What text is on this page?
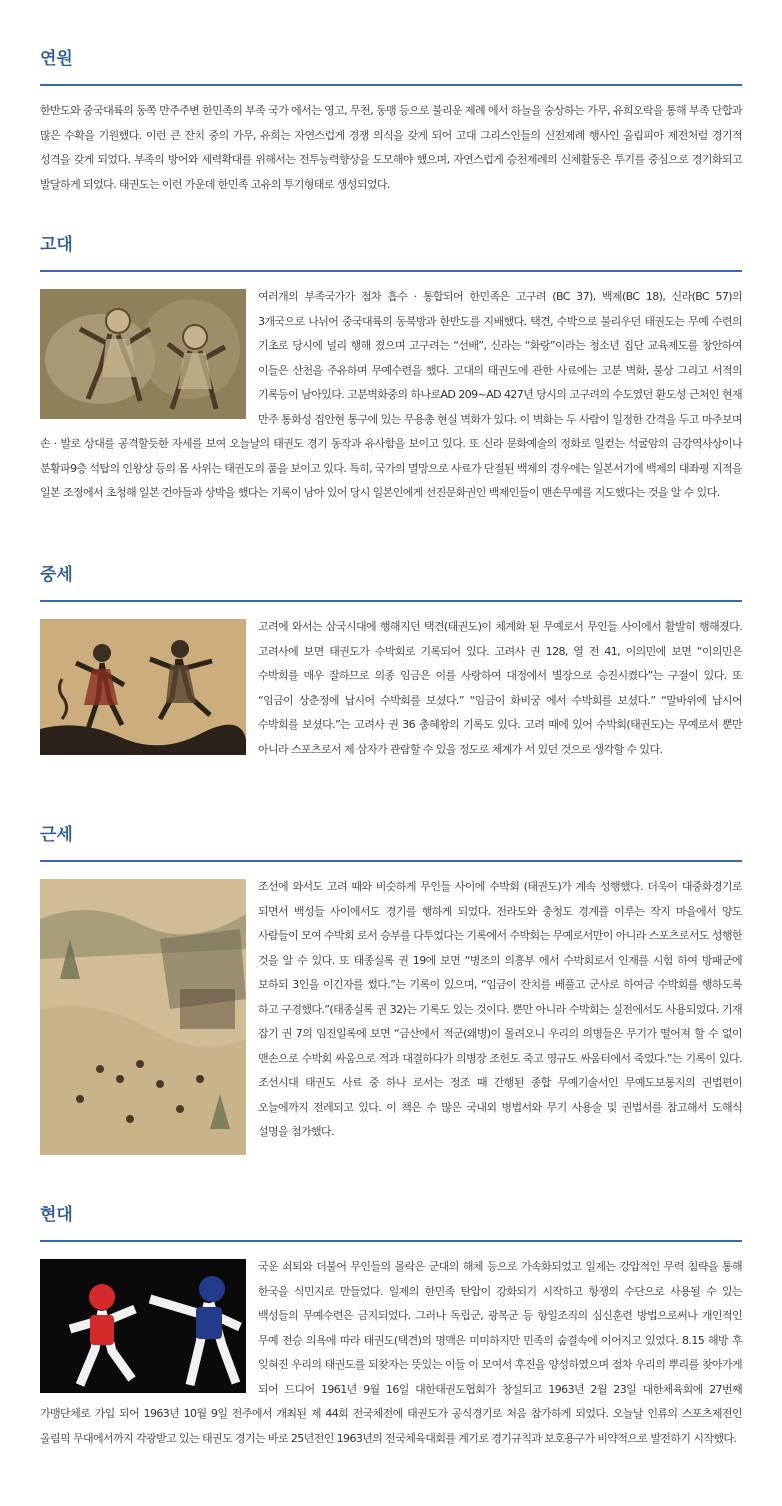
연원

한반도와 중국대륙의 동쪽 만주주변 한민족의 부족 국가 에서는 영고, 무천, 동맹 등으로 불리운 제례 에서 하늘을 숭상하는 가무, 유희오락을 통해 부족 단합과 많은 수확을 기원했다. 이런 큰 잔치 중의 가무, 유희는 자연스럽게 경쟁 의식을 갖게 되어 고대 그리스인들의 신전제례 행사인 올림피아 제전처럼 경기적 성격을 갖게 되었다. 부족의 방어와 세력확대를 위해서는 전투능력향상을 도모해야 했으며, 자연스럽게 승천제례의 신체활동은 투기를 중심으로 경기화되고 발달하게 되었다. 태권도는 이런 가운데 한민족 고유의 투기형태로 생성되었다.

고대
여러개의 부족국가가 점차 흡수 · 통합되어 한민족은 고구려 (BC 37), 백제(BC 18), 신라(BC 57)의 3개국으로 나뉘어 중국대륙의 동북방과 한반도를 지배했다. 택견, 수박으로 불리우던 태권도는 무예 수련의 기초로 당시에 널리 행해 졌으며 고구려는 “선배”, 신라는 “화랑”이라는 청소년 집단 교육제도를 창안하여 이들은 산천을 주유하며 무예수련을 했다. 고대의 태권도에 관한 사료에는 고분 벽화, 불상 그리고 서적의 기록등이 남아있다. 고분벽화중의 하나로AD 209~AD 427년 당시의 고구려의 수도였던 환도성 근처인 현재 만주 통화성 집안현 통구에 있는 무용총 현실 벽화가 있다. 이 벽화는 두 사람이 일정한 간격을 두고 마주보며 손 · 발로 상대를 공격할듯한 자세를 보여 오늘날의 태권도 경기 동작과 유사함을 보이고 있다. 또 신라 문화예술의 정화로 일컫는 석굴암의 금강역사상이나 분황파9층 석탑의 인왕상 등의 몸 사위는 태권도의 품을 보이고 있다. 특히, 국가의 멸망으로 사료가 단절된 백제의 경우에는 일본서기에 백제의 대좌평 지적을 일본 조정에서 초청해 일본 건아들과 상박을 했다는 기록이 남아 있어 당시 일본인에게 선진문화권인 백제인들이 맨손무예를 지도했다는 것을 알 수 있다.
중세
고려에 와서는 삼국시대에 행해지던 택견(태권도)이 체계화 된 무예로서 무인들 사이에서 활발히 행해졌다. 고려사에 보면 태권도가 수박회로 기록되어 있다. 고려사 권 128, 열 전 41, 이의민에 보면 “이의민은 수박희를 매우 잘하므로 의종 임금은 이를 사랑하여 대정에서 별장으로 승진시켰다”는 구절이 있다. 또 “임금이 상춘정에 납시어 수박회를 보셨다.” “임금이 화비궁 에서 수박회를 보셨다.” “말바위에 납시어 수박회를 보셨다.”는 고려사 권 36 충혜왕의 기록도 있다. 고려 때에 있어 수박회(태권도)는 무예로서 뿐만 아니라 스포츠로서 제 삼자가 관람할 수 있을 정도로 체계가 서 있던 것으로 생각할 수 있다.
근세
조선에 와서도 고려 때와 비슷하게 무인들 사이에 수박회 (태권도)가 계속 성행했다. 더욱이 대중화경기로 되면서 백성들 사이에서도 경기를 행하게 되었다. 전라도와 충청도 경계를 이루는 작지 마을에서 양도 사람들이 모여 수박회 로서 승부를 다투었다는 기록에서 수박회는 무예로서만이 아니라 스포츠로서도 성행한 것을 알 수 있다. 또 태종실록 권 19에 보면 “병조의 의흥부 에서 수박회로서 인재를 시험 하여 방패군에 보하되 3인을 이긴자를 썼다.”는 기록이 있으며, “임금이 잔치를 베풀고 군사로 하여금 수박회를 행하도록 하고 구경했다.”(태종실록 권 32)는 기록도 있는 것이다. 뿐만 아니라 수박회는 실전에서도 사용되었다. 기재 잡기 권 7의 임진일록에 보면 “금산에서 적군(왜병)이 몰려오니 우리의 의병들은 무기가 떨어져 할 수 없이 맨손으로 수박회 싸움으로 적과 대결하다가 의병장 조헌도 죽고 영규도 싸움터에서 죽었다.”는 기록이 있다. 조선시대 태권도 사료 중 하나 로서는 정조 때 간행된 종합 무예기술서인 무예도보통지의 권법편이 오늘에까지 전레되고 있다. 이 책은 수 많은 국내외 병법서와 무기 사용술 및 권법서를 참고해서 도해식 설명을 첨가했다.
현대
국운 쇠퇴와 더불어 무인들의 몰락은 군대의 해체 등으로 가속화되었고 일제는 강압적인 무력 침략을 통해 한국을 식민지로 만들었다. 일제의 한민족 탄압이 강화되기 시작하고 항쟁의 수단으로 사용될 수 있는 백성들의 무예수련은 금지되었다. 그러나 독립군, 광복군 등 항일조직의 심신훈련 방법으로써나 개인적인 무예 전승 의욕에 따라 태권도(택견)의 명맥은 미미하지만 민족의 숨결속에 이어지고 있었다. 8.15 해방 후 잊혀진 우리의 태권도를 되찾자는 뜻있는 이들 이 모여서 후진을 양성하였으며 점차 우리의 뿌리를 찾아가게 되어 드디어 1961년 9월 16일 대한태권도협회가 창설되고 1963년 2월 23일 대한체육회에 27번째 가맹단체로 가입 되어 1963년 10월 9일 전주에서 개최된 제 44회 전국체전에 태권도가 공식경기로 처음 참가하게 되었다. 오늘날 인류의 스포츠제전인 올림픽 무대에서까지 각광받고 있는 태권도 경기는 바로 25년전인 1963년의 전국체육대회를 계기로 경기규칙과 보호용구가 비약적으로 발전하기 시작했다.
